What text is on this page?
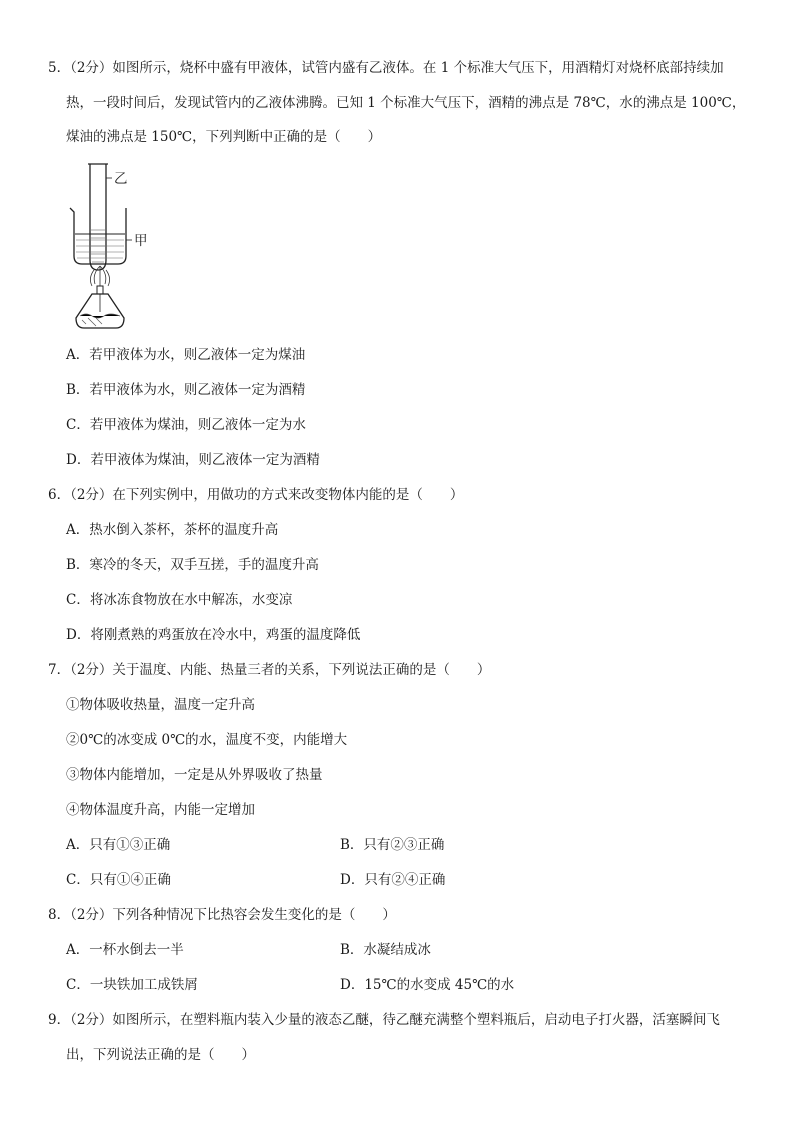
5．（2分）如图所示，烧杯中盛有甲液体，试管内盛有乙液体。在 1 个标准大气压下，用酒精灯对烧杯底部持续加
热，一段时间后，发现试管内的乙液体沸腾。已知 1 个标准大气压下，酒精的沸点是 78℃，水的沸点是 100℃，
煤油的沸点是 150℃，下列判断中正确的是（　　）
乙
甲
A．若甲液体为水，则乙液体一定为煤油
B．若甲液体为水，则乙液体一定为酒精
C．若甲液体为煤油，则乙液体一定为水
D．若甲液体为煤油，则乙液体一定为酒精
6．（2分）在下列实例中，用做功的方式来改变物体内能的是（　　）
A．热水倒入茶杯，茶杯的温度升高
B．寒冷的冬天，双手互搓，手的温度升高
C．将冰冻食物放在水中解冻，水变凉
D．将刚煮熟的鸡蛋放在冷水中，鸡蛋的温度降低
7．（2分）关于温度、内能、热量三者的关系，下列说法正确的是（　　）
①物体吸收热量，温度一定升高
②0℃的冰变成 0℃的水，温度不变，内能增大
③物体内能增加，一定是从外界吸收了热量
④物体温度升高，内能一定增加
A．只有①③正确	B．只有②③正确
C．只有①④正确	D．只有②④正确
8．（2分）下列各种情况下比热容会发生变化的是（　　）
A．一杯水倒去一半	B．水凝结成冰
C．一块铁加工成铁屑	D．15℃的水变成 45℃的水
9．（2分）如图所示，在塑料瓶内装入少量的液态乙醚，待乙醚充满整个塑料瓶后，启动电子打火器，活塞瞬间飞
出，下列说法正确的是（　　）
